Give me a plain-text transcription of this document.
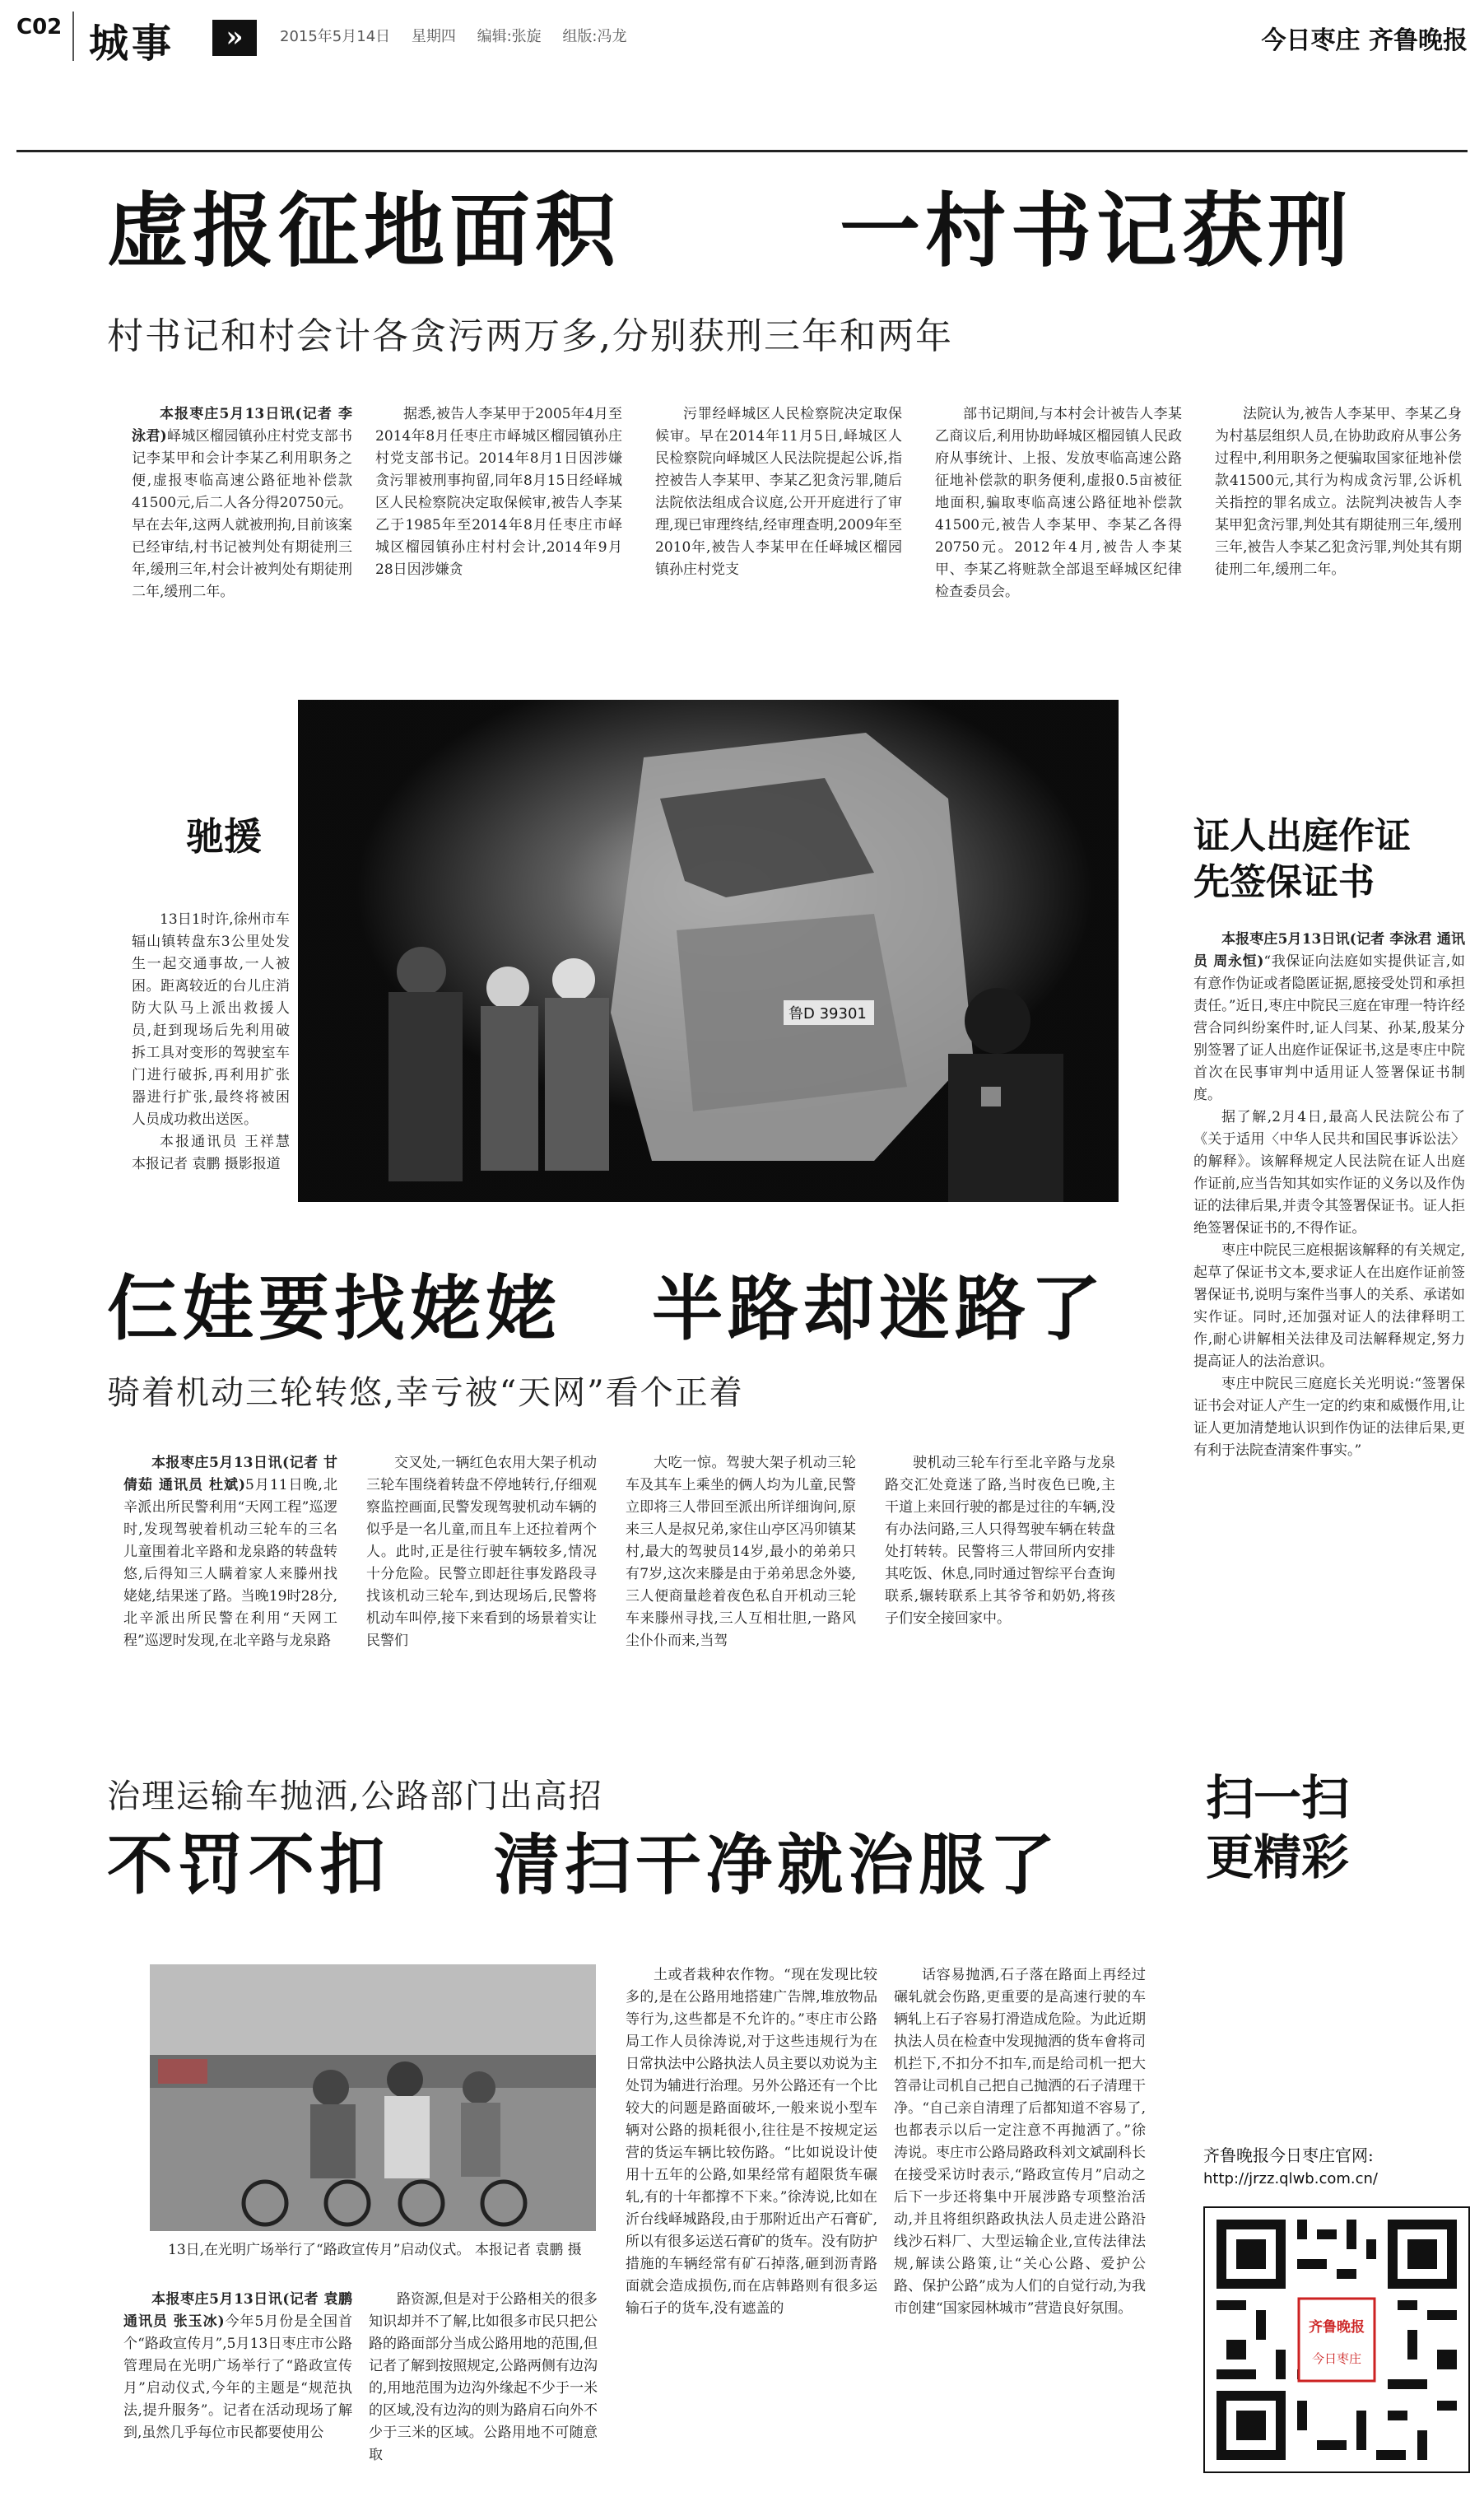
C02 城事	»	2015年5月14日 星期四 编辑:张旋 组版:冯龙	今日枣庄 齐鲁晚报
虚报征地面积	一村书记获刑
村书记和村会计各贪污两万多,分别获刑三年和两年

本报枣庄5月13日讯(记者 李泳君)峄城区榴园镇孙庄村党支部书记李某甲和会计李某乙利用职务之便,虚报枣临高速公路征地补偿款41500元,后二人各分得20750元。早在去年,这两人就被刑拘,目前该案已经审结,村书记被判处有期徒刑三年,缓刑三年,村会计被判处有期徒刑二年,缓刑二年。

据悉,被告人李某甲于2005年4月至2014年8月任枣庄市峄城区榴园镇孙庄村党支部书记。2014年8月1日因涉嫌贪污罪被刑事拘留,同年8月15日经峄城区人民检察院决定取保候审,被告人李某乙于1985年至2014年8月任枣庄市峄城区榴园镇孙庄村村会计,2014年9月28日因涉嫌贪

污罪经峄城区人民检察院决定取保候审。早在2014年11月5日,峄城区人民检察院向峄城区人民法院提起公诉,指控被告人李某甲、李某乙犯贪污罪,随后法院依法组成合议庭,公开开庭进行了审理,现已审理终结,经审理查明,2009年至2010年,被告人李某甲在任峄城区榴园镇孙庄村党支

部书记期间,与本村会计被告人李某乙商议后,利用协助峄城区榴园镇人民政府从事统计、上报、发放枣临高速公路征地补偿款的职务便利,虚报0.5亩被征地面积,骗取枣临高速公路征地补偿款41500元,被告人李某甲、李某乙各得20750元。2012年4月,被告人李某甲、李某乙将赃款全部退至峄城区纪律检查委员会。

法院认为,被告人李某甲、李某乙身为村基层组织人员,在协助政府从事公务过程中,利用职务之便骗取国家征地补偿款41500元,其行为构成贪污罪,公诉机关指控的罪名成立。法院判决被告人李某甲犯贪污罪,判处其有期徒刑三年,缓刑三年,被告人李某乙犯贪污罪,判处其有期徒刑二年,缓刑二年。

驰援

13日1时许,徐州市车辐山镇转盘东3公里处发生一起交通事故,一人被困。距离较近的台儿庄消防大队马上派出救援人员,赶到现场后先利用破拆工具对变形的驾驶室车门进行破拆,再利用扩张器进行扩张,最终将被困人员成功救出送医。

本报通讯员 王祥慧 本报记者 袁鹏 摄影报道

鲁D 39301
证人出庭作证
先签保证书

本报枣庄5月13日讯(记者 李泳君 通讯员 周永恒)“我保证向法庭如实提供证言,如有意作伪证或者隐匿证据,愿接受处罚和承担责任。”近日,枣庄中院民三庭在审理一特许经营合同纠纷案件时,证人闫某、孙某,殷某分别签署了证人出庭作证保证书,这是枣庄中院首次在民事审判中适用证人签署保证书制度。

据了解,2月4日,最高人民法院公布了《关于适用〈中华人民共和国民事诉讼法〉的解释》。该解释规定人民法院在证人出庭作证前,应当告知其如实作证的义务以及作伪证的法律后果,并责令其签署保证书。证人拒绝签署保证书的,不得作证。

枣庄中院民三庭根据该解释的有关规定,起草了保证书文本,要求证人在出庭作证前签署保证书,说明与案件当事人的关系、承诺如实作证。同时,还加强对证人的法律释明工作,耐心讲解相关法律及司法解释规定,努力提高证人的法治意识。

枣庄中院民三庭庭长关光明说:“签署保证书会对证人产生一定的约束和威慑作用,让证人更加清楚地认识到作伪证的法律后果,更有利于法院查清案件事实。”

仨娃要找姥姥 半路却迷路了
骑着机动三轮转悠,幸亏被“天网”看个正着

本报枣庄5月13日讯(记者 甘倩茹 通讯员 杜斌)5月11日晚,北辛派出所民警利用“天网工程”巡逻时,发现驾驶着机动三轮车的三名儿童围着北辛路和龙泉路的转盘转悠,后得知三人瞒着家人来滕州找姥姥,结果迷了路。当晚19时28分,北辛派出所民警在利用“天网工程”巡逻时发现,在北辛路与龙泉路

交叉处,一辆红色农用大架子机动三轮车围绕着转盘不停地转行,仔细观察监控画面,民警发现驾驶机动车辆的似乎是一名儿童,而且车上还拉着两个人。此时,正是往行驶车辆较多,情况十分危险。民警立即赶往事发路段寻找该机动三轮车,到达现场后,民警将机动车叫停,接下来看到的场景着实让民警们

大吃一惊。驾驶大架子机动三轮车及其车上乘坐的俩人均为儿童,民警立即将三人带回至派出所详细询问,原来三人是叔兄弟,家住山亭区冯卯镇某村,最大的驾驶员14岁,最小的弟弟只有7岁,这次来滕是由于弟弟思念外婆,三人便商量趁着夜色私自开机动三轮车来滕州寻找,三人互相壮胆,一路风尘仆仆而来,当驾

驶机动三轮车行至北辛路与龙泉路交汇处竟迷了路,当时夜色已晚,主干道上来回行驶的都是过往的车辆,没有办法问路,三人只得驾驶车辆在转盘处打转转。民警将三人带回所内安排其吃饭、休息,同时通过智综平台查询联系,辗转联系上其爷爷和奶奶,将孩子们安全接回家中。

治理运输车抛洒,公路部门出高招
不罚不扣 清扫干净就治服了

13日,在光明广场举行了“路政宣传月”启动仪式。 本报记者 袁鹏 摄

本报枣庄5月13日讯(记者 袁鹏 通讯员 张玉冰)今年5月份是全国首个“路政宣传月”,5月13日枣庄市公路管理局在光明广场举行了“路政宣传月”启动仪式,今年的主题是“规范执法,提升服务”。记者在活动现场了解到,虽然几乎每位市民都要使用公

路资源,但是对于公路相关的很多知识却并不了解,比如很多市民只把公路的路面部分当成公路用地的范围,但记者了解到按照规定,公路两侧有边沟的,用地范围为边沟外缘起不少于一米的区域,没有边沟的则为路肩石向外不少于三米的区域。公路用地不可随意取

土或者栽种农作物。“现在发现比较多的,是在公路用地搭建广告牌,堆放物品等行为,这些都是不允许的。”枣庄市公路局工作人员徐涛说,对于这些违规行为在日常执法中公路执法人员主要以劝说为主处罚为辅进行治理。另外公路还有一个比较大的问题是路面破坏,一般来说小型车辆对公路的损耗很小,往往是不按规定运营的货运车辆比较伤路。“比如说设计使用十五年的公路,如果经常有超限货车碾轧,有的十年都撑不下来。”徐涛说,比如在沂台线峄城路段,由于那附近出产石膏矿,所以有很多运送石膏矿的货车。没有防护措施的车辆经常有矿石掉落,砸到沥青路面就会造成损伤,而在店韩路则有很多运输石子的货车,没有遮盖的

话容易抛洒,石子落在路面上再经过碾轧就会伤路,更重要的是高速行驶的车辆轧上石子容易打滑造成危险。为此近期执法人员在检查中发现抛洒的货车會将司机拦下,不扣分不扣车,而是给司机一把大笤帚让司机自己把自己抛洒的石子清理干净。“自己亲自清理了后都知道不容易了,也都表示以后一定注意不再抛洒了。”徐涛说。枣庄市公路局路政科刘文斌副科长在接受采访时表示,“路政宣传月”启动之后下一步还将集中开展涉路专项整治活动,并且将组织路政执法人员走进公路沿线沙石料厂、大型运输企业,宣传法律法规,解读公路策,让“关心公路、爱护公路、保护公路”成为人们的自觉行动,为我市创建“国家园林城市”营造良好氛围。

扫一扫
更精彩
齐鲁晚报今日枣庄官网:
http://jrzz.qlwb.com.cn/
齐鲁晚报
今日枣庄
